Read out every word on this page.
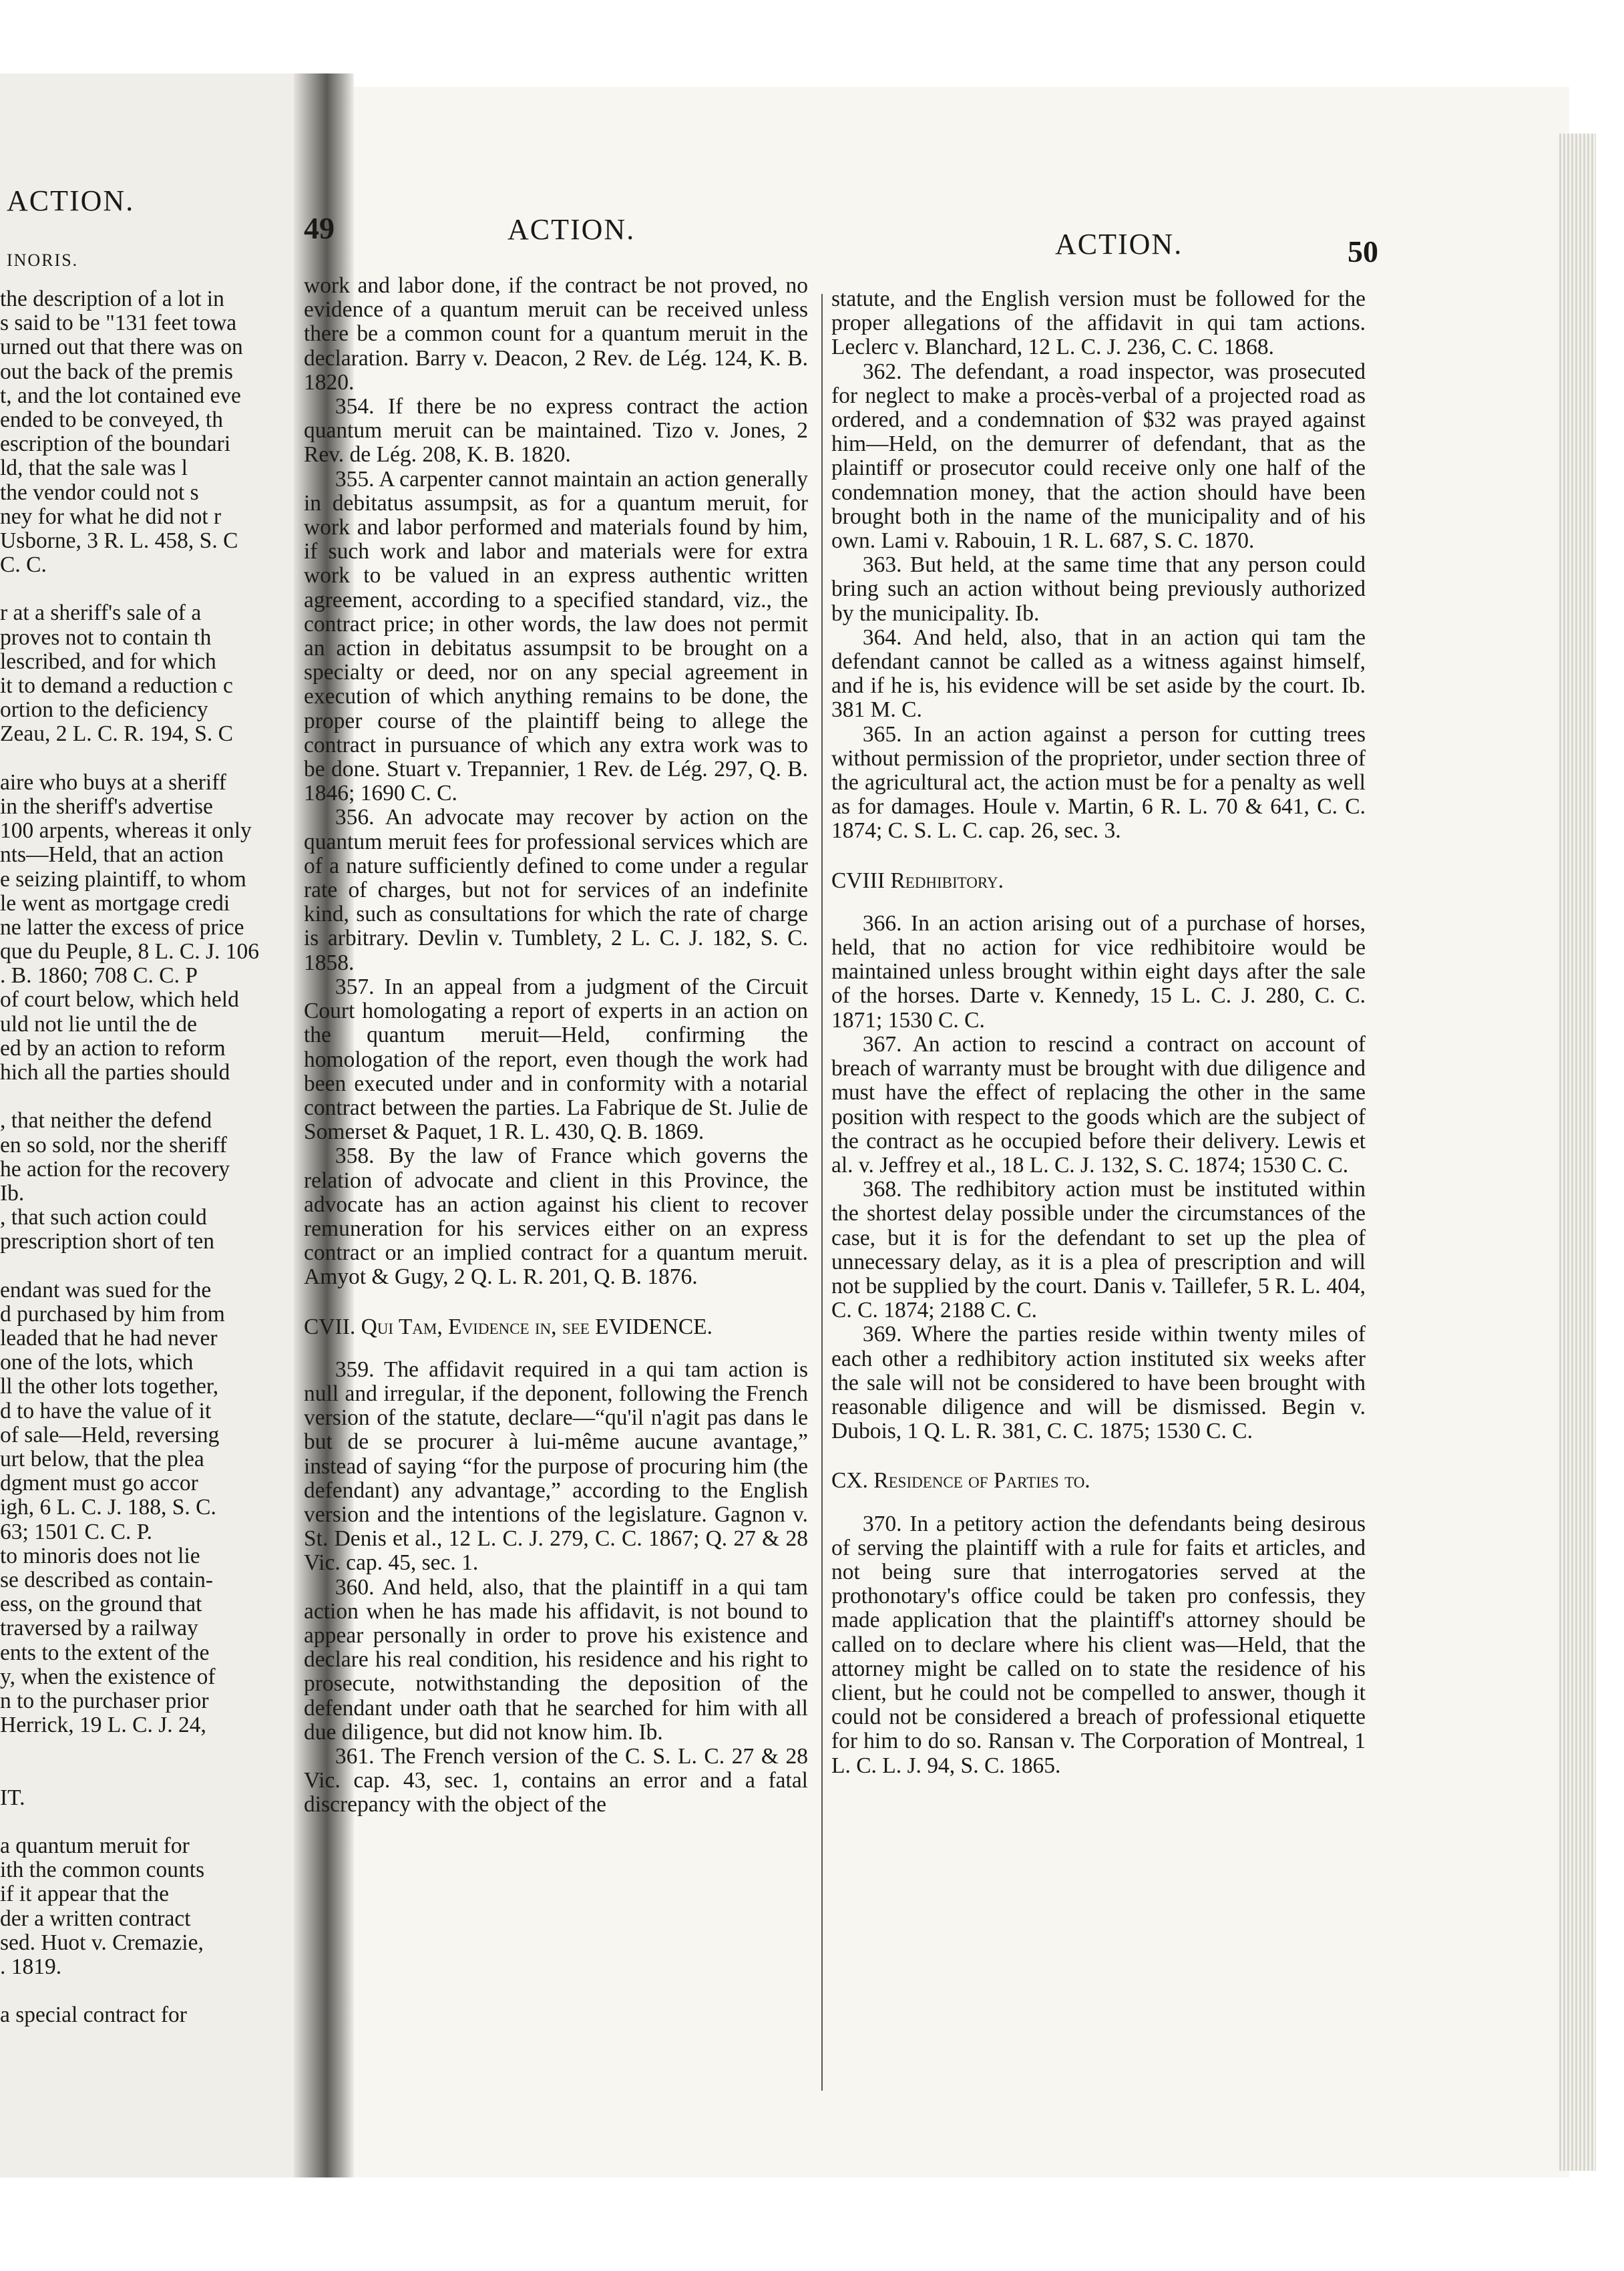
ACTION.
INORIS.
the description of a lot in
s said to be "131 feet towa
urned out that there was on
out the back of the premis
t, and the lot contained eve
ended to be conveyed, th
escription of the boundari
ld, that the sale was l
the vendor could not s
ney for what he did not r
Usborne, 3 R. L. 458, S. C
C. C.
r at a sheriff's sale of a
proves not to contain th
lescribed, and for which
it to demand a reduction c
ortion to the deficiency
Zeau, 2 L. C. R. 194, S. C
aire who buys at a sheriff
in the sheriff's advertise
100 arpents, whereas it only
nts—Held, that an action
e seizing plaintiff, to whom
le went as mortgage credi
ne latter the excess of price
que du Peuple, 8 L. C. J. 106
. B. 1860; 708 C. C. P
of court below, which held
uld not lie until the de
ed by an action to reform
hich all the parties should
, that neither the defend
en so sold, nor the sheriff
he action for the recovery
Ib.
, that such action could
prescription short of ten
endant was sued for the
d purchased by him from
leaded that he had never
one of the lots, which
ll the other lots together,
d to have the value of it
of sale—Held, reversing
urt below, that the plea
dgment must go accor
igh, 6 L. C. J. 188, S. C.
63; 1501 C. C. P.
to minoris does not lie
se described as contain-
ess, on the ground that
traversed by a railway
ents to the extent of the
y, when the existence of
n to the purchaser prior
Herrick, 19 L. C. J. 24,
IT.
a quantum meruit for
ith the common counts
if it appear that the
der a written contract
sed. Huot v. Cremazie,
. 1819.
a special contract for
49	ACTION.	ACTION.	50

work and labor done, if the contract be not proved, no evidence of a quantum meruit can be received unless there be a common count for a quantum meruit in the declaration. Barry v. Deacon, 2 Rev. de Lég. 124, K. B. 1820.

354. If there be no express contract the action quantum meruit can be maintained. Tizo v. Jones, 2 Rev. de Lég. 208, K. B. 1820.

355. A carpenter cannot maintain an action generally in debitatus assumpsit, as for a quantum meruit, for work and labor performed and materials found by him, if such work and labor and materials were for extra work to be valued in an express authentic written agreement, according to a specified standard, viz., the contract price; in other words, the law does not permit an action in debitatus assumpsit to be brought on a specialty or deed, nor on any special agreement in execution of which anything remains to be done, the proper course of the plaintiff being to allege the contract in pursuance of which any extra work was to be done. Stuart v. Trepannier, 1 Rev. de Lég. 297, Q. B. 1846; 1690 C. C.

356. An advocate may recover by action on the quantum meruit fees for professional services which are of a nature sufficiently defined to come under a regular rate of charges, but not for services of an indefinite kind, such as consultations for which the rate of charge is arbitrary. Devlin v. Tumblety, 2 L. C. J. 182, S. C. 1858.

357. In an appeal from a judgment of the Circuit Court homologating a report of experts in an action on the quantum meruit—Held, confirming the homologation of the report, even though the work had been executed under and in conformity with a notarial contract between the parties. La Fabrique de St. Julie de Somerset & Paquet, 1 R. L. 430, Q. B. 1869.

358. By the law of France which governs the relation of advocate and client in this Province, the advocate has an action against his client to recover remuneration for his services either on an express contract or an implied contract for a quantum meruit. Amyot & Gugy, 2 Q. L. R. 201, Q. B. 1876.

CVII. Qui Tam, Evidence in, see EVIDENCE.

359. The affidavit required in a qui tam action is null and irregular, if the deponent, following the French version of the statute, declare—“qu'il n'agit pas dans le but de se procurer à lui-même aucune avantage,” instead of saying “for the purpose of procuring him (the defendant) any advantage,” according to the English version and the intentions of the legislature. Gagnon v. St. Denis et al., 12 L. C. J. 279, C. C. 1867; Q. 27 & 28 Vic. cap. 45, sec. 1.

360. And held, also, that the plaintiff in a qui tam action when he has made his affidavit, is not bound to appear personally in order to prove his existence and declare his real condition, his residence and his right to prosecute, notwithstanding the deposition of the defendant under oath that he searched for him with all due diligence, but did not know him. Ib.

361. The French version of the C. S. L. C. 27 & 28 Vic. cap. 43, sec. 1, contains an error and a fatal discrepancy with the object of the

statute, and the English version must be followed for the proper allegations of the affidavit in qui tam actions. Leclerc v. Blanchard, 12 L. C. J. 236, C. C. 1868.

362. The defendant, a road inspector, was prosecuted for neglect to make a procès-verbal of a projected road as ordered, and a condemnation of $32 was prayed against him—Held, on the demurrer of defendant, that as the plaintiff or prosecutor could receive only one half of the condemnation money, that the action should have been brought both in the name of the municipality and of his own. Lami v. Rabouin, 1 R. L. 687, S. C. 1870.

363. But held, at the same time that any person could bring such an action without being previously authorized by the municipality. Ib.

364. And held, also, that in an action qui tam the defendant cannot be called as a witness against himself, and if he is, his evidence will be set aside by the court. Ib. 381 M. C.

365. In an action against a person for cutting trees without permission of the proprietor, under section three of the agricultural act, the action must be for a penalty as well as for damages. Houle v. Martin, 6 R. L. 70 & 641, C. C. 1874; C. S. L. C. cap. 26, sec. 3.

CVIII Redhibitory.

366. In an action arising out of a purchase of horses, held, that no action for vice redhibitoire would be maintained unless brought within eight days after the sale of the horses. Darte v. Kennedy, 15 L. C. J. 280, C. C. 1871; 1530 C. C.

367. An action to rescind a contract on account of breach of warranty must be brought with due diligence and must have the effect of replacing the other in the same position with respect to the goods which are the subject of the contract as he occupied before their delivery. Lewis et al. v. Jeffrey et al., 18 L. C. J. 132, S. C. 1874; 1530 C. C.

368. The redhibitory action must be instituted within the shortest delay possible under the circumstances of the case, but it is for the defendant to set up the plea of unnecessary delay, as it is a plea of prescription and will not be supplied by the court. Danis v. Taillefer, 5 R. L. 404, C. C. 1874; 2188 C. C.

369. Where the parties reside within twenty miles of each other a redhibitory action instituted six weeks after the sale will not be considered to have been brought with reasonable diligence and will be dismissed. Begin v. Dubois, 1 Q. L. R. 381, C. C. 1875; 1530 C. C.

CX. Residence of Parties to.

370. In a petitory action the defendants being desirous of serving the plaintiff with a rule for faits et articles, and not being sure that interrogatories served at the prothonotary's office could be taken pro confessis, they made application that the plaintiff's attorney should be called on to declare where his client was—Held, that the attorney might be called on to state the residence of his client, but he could not be compelled to answer, though it could not be considered a breach of professional etiquette for him to do so. Ransan v. The Corporation of Montreal, 1 L. C. L. J. 94, S. C. 1865.
